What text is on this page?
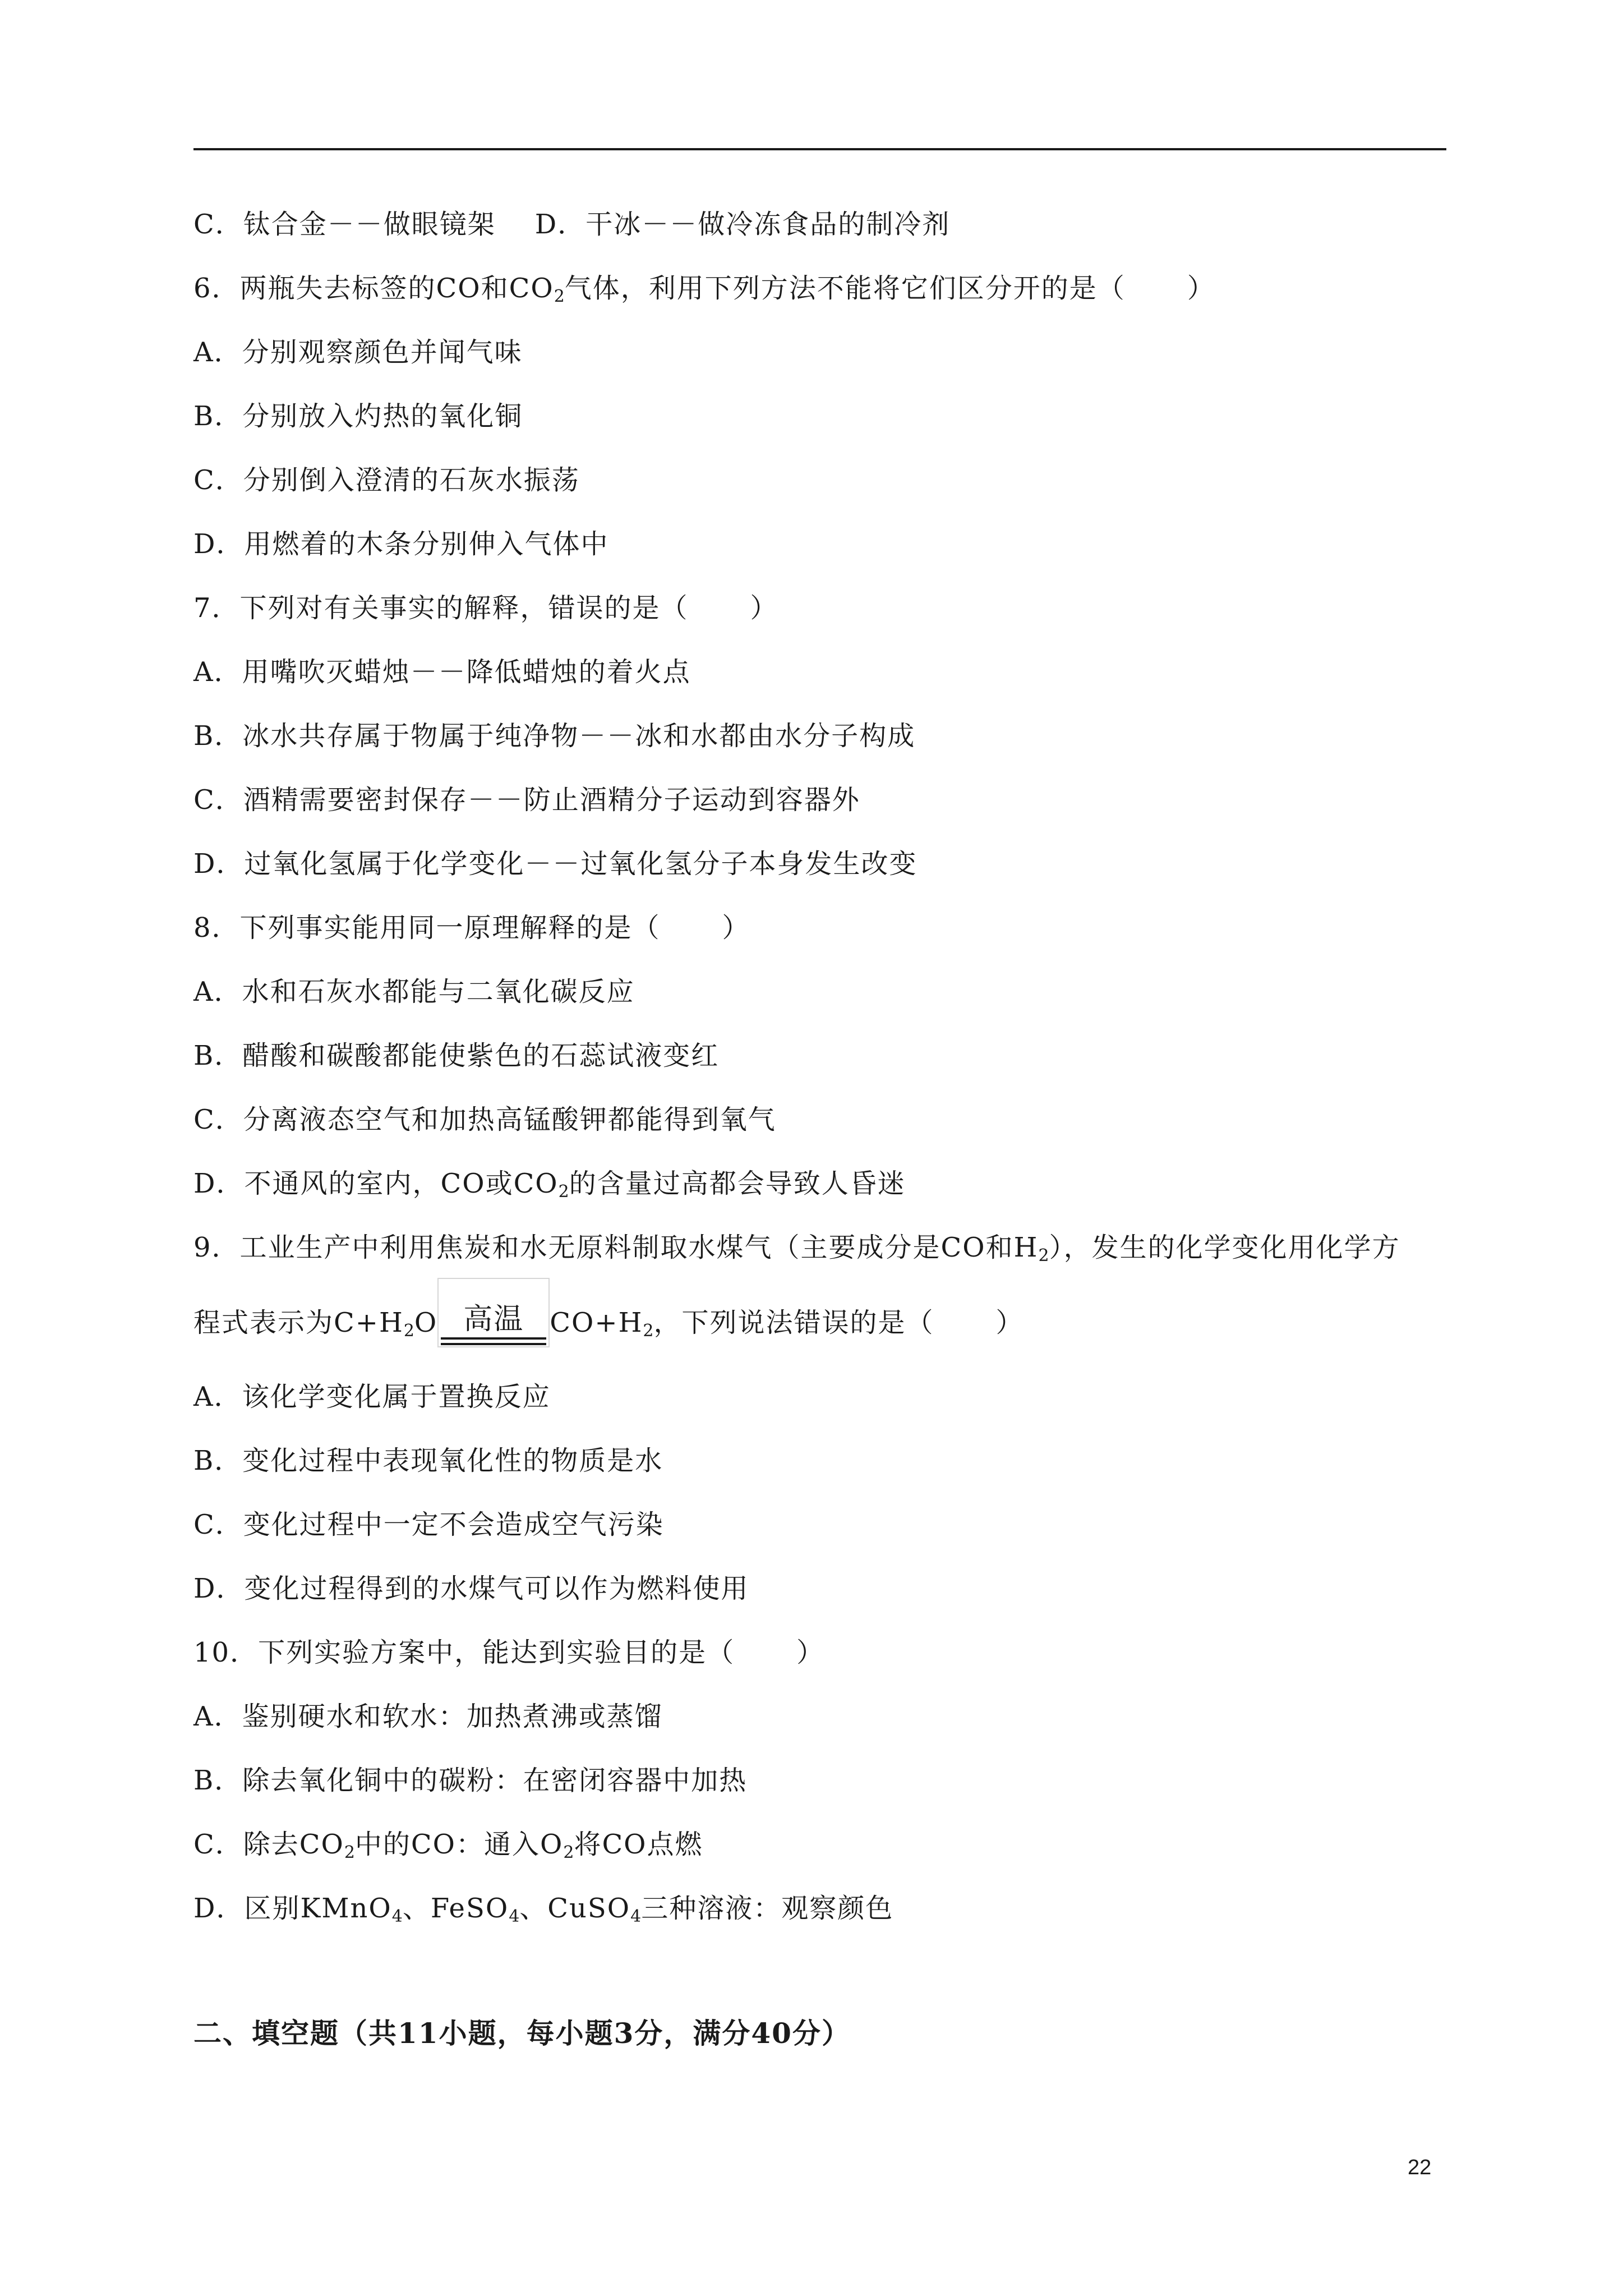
C．钛合金－－做眼镜架 D．干冰－－做冷冻食品的制冷剂
6．两瓶失去标签的CO和$CO_2$气体，利用下列方法不能将它们区分开的是（ ）
A．分别观察颜色并闻气味
B．分别放入灼热的氧化铜
C．分别倒入澄清的石灰水振荡
D．用燃着的木条分别伸入气体中
7．下列对有关事实的解释，错误的是（ ）
A．用嘴吹灭蜡烛－－降低蜡烛的着火点
B．冰水共存属于物属于纯净物－－冰和水都由水分子构成
C．酒精需要密封保存－－防止酒精分子运动到容器外
D．过氧化氢属于化学变化－－过氧化氢分子本身发生改变
8．下列事实能用同一原理解释的是（ ）
A．水和石灰水都能与二氧化碳反应
B．醋酸和碳酸都能使紫色的石蕊试液变红
C．分离液态空气和加热高锰酸钾都能得到氧气
D．不通风的室内，CO或$CO_2$的含量过高都会导致人昏迷
9．工业生产中利用焦炭和水无原料制取水煤气（主要成分是CO和$H_2$），发生的化学变化用化学方
程式表示为$C+H_2O$ 高温 $CO+H_2$，下列说法错误的是（ ）
A．该化学变化属于置换反应
B．变化过程中表现氧化性的物质是水
C．变化过程中一定不会造成空气污染
D．变化过程得到的水煤气可以作为燃料使用
10．下列实验方案中，能达到实验目的是（ ）
A．鉴别硬水和软水：加热煮沸或蒸馏
B．除去氧化铜中的碳粉：在密闭容器中加热
C．除去$CO_2$中的CO：通入$O_2$将CO点燃
D．区别KMnO$_4$、FeSO$_4$、CuSO$_4$三种溶液：观察颜色
二、填空题（共11小题，每小题3分，满分40分）
22
